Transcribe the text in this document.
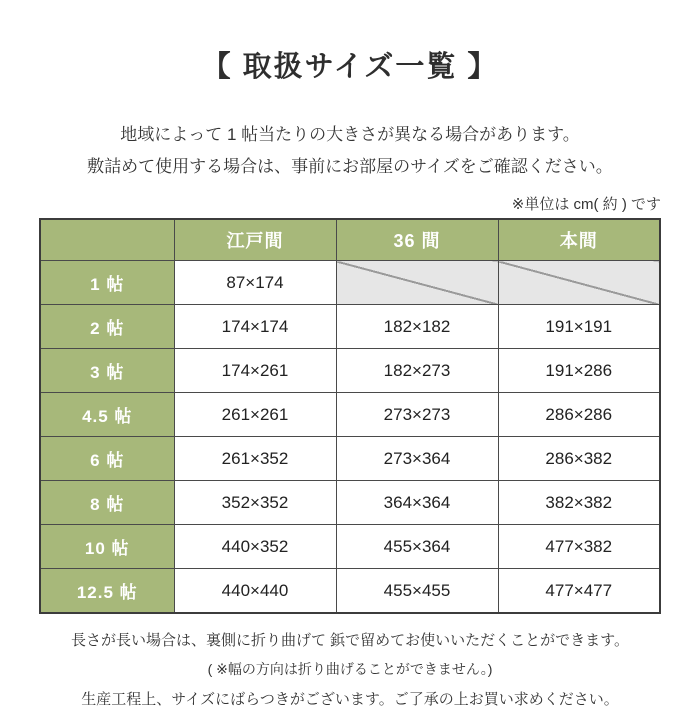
【 取扱サイズ一覧 】

地域によって 1 帖当たりの大きさが異なる場合があります。
敷詰めて使用する場合は、事前にお部屋のサイズをご確認ください。

※単位は cm( 約 ) です
	江戸間	36 間	本間
1 帖	87×174		
2 帖	174×174	182×182	191×191
3 帖	174×261	182×273	191×286
4.5 帖	261×261	273×273	286×286
6 帖	261×352	273×364	286×382
8 帖	352×352	364×364	382×382
10 帖	440×352	455×364	477×382
12.5 帖	440×440	455×455	477×477

長さが長い場合は、裏側に折り曲げて 鋲で留めてお使いいただくことができます。

( ※幅の方向は折り曲げることができません。)

生産工程上、サイズにばらつきがございます。ご了承の上お買い求めください。
